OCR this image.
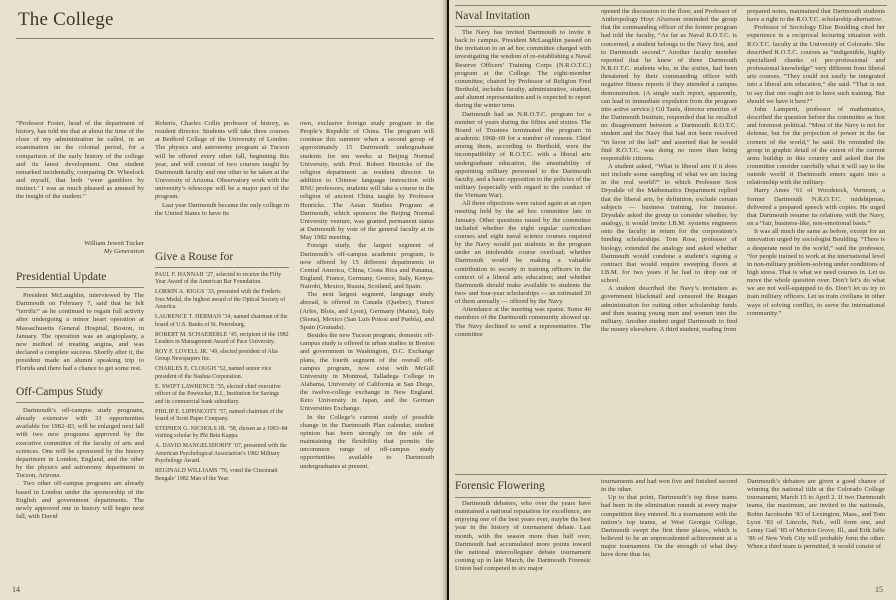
The College

“Professor Foster, head of the department of history, has told me that at about the time of the close of my administration he called, in an examination on the colonial period, for a comparison of the early history of the college and its latest development. One student remarked incidentally, comparing Dr. Wheelock and myself, that both ‘were gamblers by instinct.’ I was as much pleased as amused by the insight of the student.”

William Jewett Tucker
My Generation
Presidential Update

President McLaughlin, interviewed by The Dartmouth on February 7, said that he felt “terrific” as he continued to regain full activity after undergoing a minor heart operation at Massachusetts General Hospital, Boston, in January. The operation was an angioplasty, a new method of treating angina, and was declared a complete success. Shortly after it, the president made an alumni speaking trip to Florida and there had a chance to get some rest.

Off-Campus Study

Dartmouth’s off-campus study programs, already extensive with 33 opportunities available for 1982–83, will be enlarged next fall with two new programs approved by the executive committee of the faculty of arts and sciences. One will be sponsored by the history department in London, England, and the other by the physics and astronomy department in Tucson, Arizona.

Two other off-campus programs are already based in London under the sponsorship of the English and government departments. The newly approved one in history will begin next fall, with David

Roberts, Charles Collis professor of history, as resident director. Students will take three courses at Bedford College of the University of London. The physics and astronomy program at Tucson will be offered every other fall, beginning this year, and will consist of two courses taught by Dartmouth faculty and one other to be taken at the University of Arizona. Observatory work with the university’s telescope will be a major part of the program.

Last year Dartmouth became the only college in the United States to have its

Give a Rouse for
PAUL F. HANNAH ’27, selected to receive the Fifty Year Award of the American Bar Foundation.
LORRIN A. RIGGS ’33, presented with the Frederic Ives Medal, the highest award of the Optical Society of America.
LAURENCE T. HERMAN ’34, named chairman of the board of U.S. Banks of St. Petersburg.
ROBERT M. SCHAEBERLE ’45, recipient of the 1982 Leaders in Management Award of Pace University.
ROY F. LOVELL JR. ’49, elected president of Alta Group Newspapers Inc.
CHARLES E. CLOUGH ’52, named senior vice president of the Nashua Corporation.
E. SWIFT LAWRENCE ’55, elected chief executive officer of the Pawtucket, R.I., Institution for Savings and its commercial bank subsidiary.
PHILIP E. LIPPINCOTT ’57, named chairman of the board of Scott Paper Company.
STEPHEN G. NICHOLS JR. ’58, chosen as a 1983–84 visiting scholar by Phi Beta Kappa.
A. DAVID MANGELSDORFF ’67, presented with the American Psychological Association’s 1982 Military Psychology Award.
REGINALD WILLIAMS ’76, voted the Cincinnati Bengals’ 1982 Man of the Year.

own, exclusive foreign study program in the People’s Republic of China. The program will continue this summer when a second group of approximately 15 Dartmouth undergraduate students for ten weeks at Beijing Normal University, with Prof. Robert Henricks of the religion department as resident director. In addition to Chinese language instruction with BNU professors, students will take a course in the religion of ancient China taught by Professor Henricks. The Asian Studies Program at Dartmouth, which sponsors the Beijing Normal University venture, was granted permanent status at Dartmouth by vote of the general faculty at its May 1982 meeting.

Foreign study, the largest segment of Dartmouth’s off-campus academic program, is now offered by 15 different departments in Central America, China, Costa Rica and Panama, England, France, Germany, Greece, Italy, Kenya-Nairobi, Mexico, Russia, Scotland, and Spain.

The next largest segment, language study abroad, is offered in Canada (Quebec), France (Arles, Blois, and Lyon), Germany (Mainz), Italy (Siena), Mexico (San Luis Potosi and Puebla), and Spain (Granada).

Besides the new Tucson program, domestic off-campus study is offered in urban studies in Boston and government in Washington, D.C. Exchange plans, the fourth segment of the overall off-campus program, now exist with McGill University in Montreal, Talladega College in Alabama, University of California at San Diego, the twelve-college exchange in New England, Keio University in Japan, and the German Universities Exchange.

In the College’s current study of possible change in the Dartmouth Plan calendar, student opinion has been strongly on the side of maintaining the flexibility that permits the uncommon range of off-campus study opportunities available to Dartmouth undergraduates at present.

14
Naval Invitation

The Navy has invited Dartmouth to invite it back to campus. President McLaughlin passed on the invitation to an ad hoc committee charged with investigating the wisdom of re-establishing a Naval Reserve Officers’ Training Corps (N.R.O.T.C.) program at the College. The eight-member committee, chaired by Professor of Religion Fred Berthold, includes faculty, administrative, student, and alumni representation and is expected to report during the winter term.

Dartmouth had an N.R.O.T.C. program for a number of years during the fifties and sixties. The Board of Trustees terminated the program in academic 1968–69 for a number of reasons. Chief among them, according to Berthold, were the incompatibility of R.O.T.C. with a liberal arts undergraduate education, the unsuitability of appointing military personnel to the Dartmouth faculty, and a basic opposition to the policies of the military (especially with regard to the conduct of the Vietnam War).

All three objections were raised again at an open meeting held by the ad hoc committee late in January. Other questions raised by the committee included whether the eight regular curriculum courses and eight naval science courses required by the Navy would put students in the program under an intolerable course overload; whether Dartmouth would be making a valuable contribution to society in training officers in the context of a liberal arts education; and whether Dartmouth should make available to students the two- and four-year scholarships — an estimated 20 of them annually — offered by the Navy.

Attendance at the meeting was sparse. Some 40 members of the Dartmouth community showed up. The Navy declined to send a representative. The committee

opened the discussion to the floor, and Professor of Anthropology Hoyt Alverson reminded the group that the commanding officer of the former program had told the faculty, “As far as Naval R.O.T.C. is concerned, a student belongs to the Navy first, and to Dartmouth second.” Another faculty member reported that he knew of three Dartmouth N.R.O.T.C. students who, in the sixties, had been threatened by their commanding officer with negative fitness reports if they attended a campus demonstration. (A single such report, apparently, can lead to immediate expulsion from the program into active service.) Gil Tanis, director emeritus of the Dartmouth Institute, responded that he recalled no disagreement between a Dartmouth R.O.T.C. student and the Navy that had not been resolved “in favor of the lad” and asserted that he would find R.O.T.C. was doing no more than being responsible citizens.

A student asked, “What is liberal arts if it does not include some sampling of what we are facing in the real world?” to which Professor Scot Drysdale of the Mathematics Department replied that the liberal arts, by definition, exclude certain subjects — business training, for instance. Drysdale asked the group to consider whether, by analogy, it would invite I.B.M. systems engineers onto the faculty in return for the corporation’s funding scholarships. Tom Ross, professor of biology, extended the analogy and asked whether Dartmouth would condone a student’s signing a contract that would require sweeping floors at I.B.M. for two years if he had to drop out of school.

A student described the Navy’s invitation as government blackmail and censured the Reagan administration for cutting other scholarship funds and then teasing young men and women into the military. Another student urged Dartmouth to find the money elsewhere. A third student, reading from

prepared notes, maintained that Dartmouth students have a right to the R.O.T.C. scholarship alternative.

Professor of Sociology Elise Boulding cited her experience in a reciprocal lecturing situation with R.O.T.C. faculty at the University of Colorado. She described R.O.T.C. courses as “indigestible, highly specialized chunks of pre-professional and professional knowledge” very different from liberal arts courses. “They could not easily be integrated into a liberal arts education,” she said. “That is not to say that one ought not to have such training. But should we have it here?”

John Lamperti, professor of mathematics, described the question before the committee as first and foremost political. “Most of the Navy is not for defense, but for the projection of power in the far corners of the world,” he said. He reminded the group in graphic detail of the extent of the current arms buildup in this country and asked that the committee consider carefully what it will say to the outside world if Dartmouth enters again into a relationship with the military.

Harry Ames ’61 of Woodstock, Vermont, a former Dartmouth N.R.O.T.C. midshipman, delivered a prepared speech with copies. He urged that Dartmouth resume its relations with the Navy, on a “fair, business-like, non-emotional basis.”

It was all much the same as before, except for an innovation urged by sociologist Boulding. “There is a desperate need in the world,” said the professor, “for people trained to work at the international level in non-military problem-solving under conditions of high stress. That is what we need courses in. Let us move the whole question over. Don’t let’s do what we are not well-equipped to do. Don’t let us try to train military officers. Let us train civilians in other ways of solving conflict, to serve the international community.”

Forensic Flowering

Dartmouth debaters, who over the years have maintained a national reputation for excellence, are enjoying one of the best years ever, maybe the best year in the history of tournament debate. Last month, with the season more than half over, Dartmouth had accumulated more points toward the national intercollegiate debate tournament coming up in late March, the Dartmouth Forensic Union had competed in six major

tournaments and had won five and finished second in the other.

Up to that point, Dartmouth’s top three teams had been in the elimination rounds at every major competition they entered. In a tournament with the nation’s top teams, at West Georgia College, Dartmouth swept the first three places, which is believed to be an unprecedented achievement at a major tournament. On the strength of what they have done thus far,

Dartmouth’s debaters are given a good chance of winning the national title at the Colorado College tournament, March 15 to April 2. If two Dartmouth teams, the maximum, are invited to the nationals, Robin Jacobsohn ’83 of Lexington, Mass., and Tom Lyon ’83 of Lincoln, Neb., will form one, and Lenny Gail ’85 of Morton Grove, Ill., and Erik Jaffe ’86 of New York City will probably form the other. When a third team is permitted, it would consist of

15
